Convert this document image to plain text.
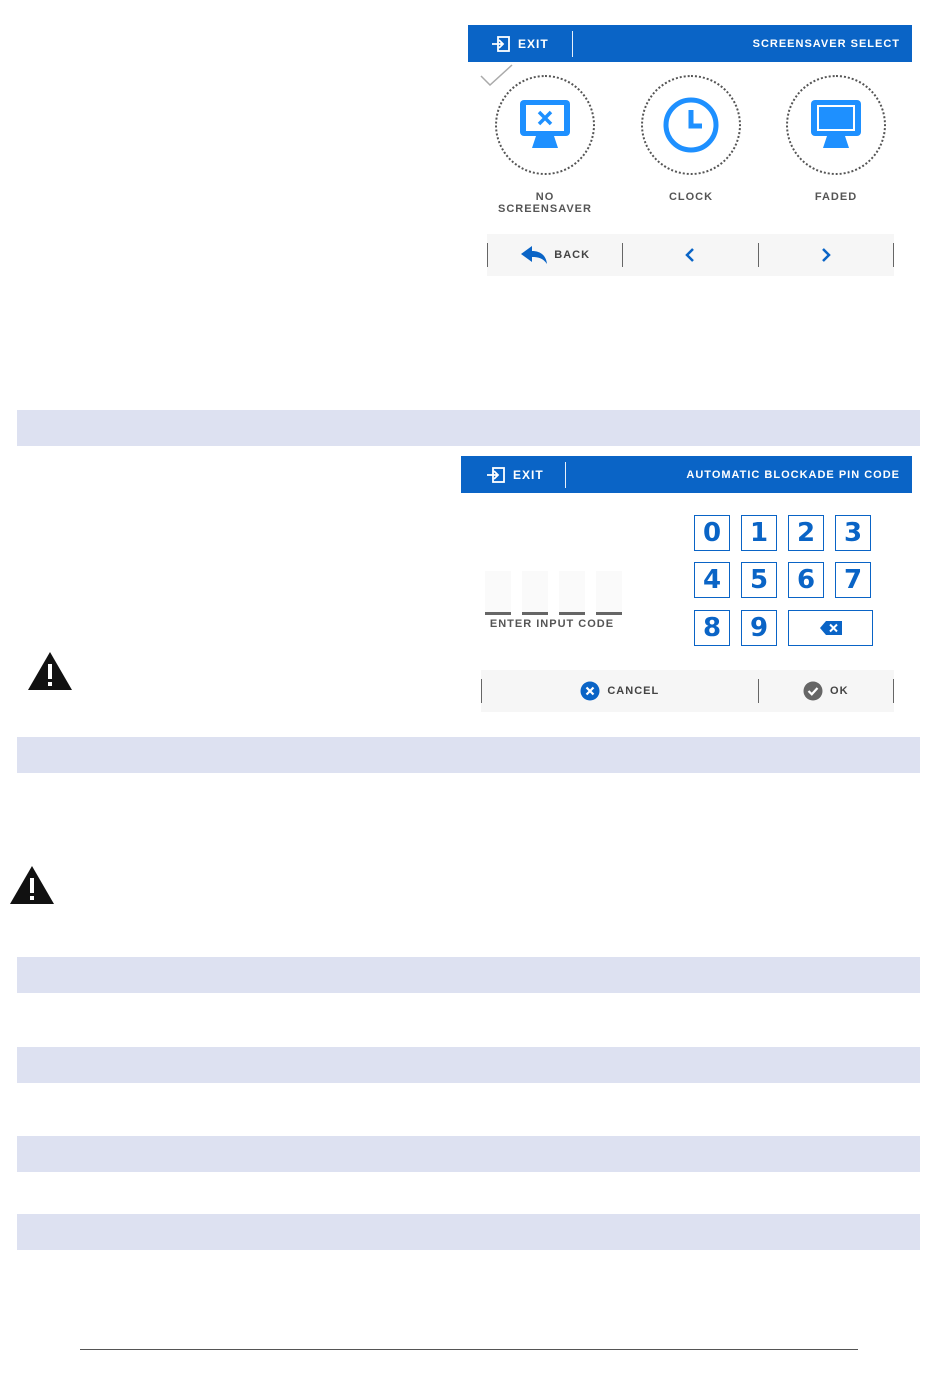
EXIT	SCREENSAVER SELECT
NO SCREENSAVER
CLOCK	FADED
BACK
EXIT	AUTOMATIC BLOCKADE PIN CODE
ENTER INPUT CODE
0	1	2	3
4	5	6	7
8	9
CANCEL	OK
